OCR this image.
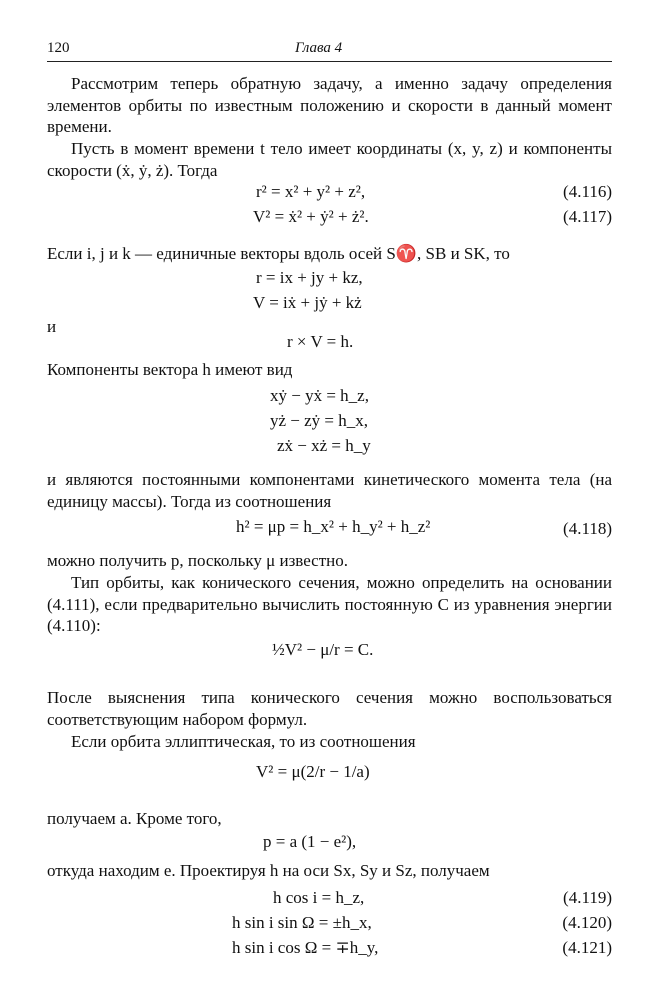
120	Глава 4
Рассмотрим теперь обратную задачу, а именно задачу определения элементов орбиты по известным положению и скорости в данный момент времени.
Пусть в момент времени t тело имеет координаты (x, y, z) и компоненты скорости (ẋ, ẏ, ż). Тогда
r² = x² + y² + z²,	(4.116)
V² = ẋ² + ẏ² + ż².	(4.117)
Если i, j и k — единичные векторы вдоль осей S♈, SB и SK, то
r = ix + jy + kz,
V = iẋ + jẏ + kż
и
r × V = h.
Компоненты вектора h имеют вид
xẏ − yẋ = h_z,
yż − zẏ = h_x,
zẋ − xż = h_y
и являются постоянными компонентами кинетического момента тела (на единицу массы). Тогда из соотношения
h² = μp = h_x² + h_y² + h_z²	(4.118)
можно получить p, поскольку μ известно.
Тип орбиты, как конического сечения, можно определить на основании (4.111), если предварительно вычислить постоянную C из уравнения энергии (4.110):
½V² − μ/r = C.
После выяснения типа конического сечения можно воспользоваться соответствующим набором формул.
Если орбита эллиптическая, то из соотношения
V² = μ(2/r − 1/a)
получаем a. Кроме того,
p = a (1 − e²),
откуда находим e. Проектируя h на оси Sx, Sy и Sz, получаем
h cos i = h_z,	(4.119)
h sin i sin Ω = ±h_x,	(4.120)
h sin i cos Ω = ∓h_y,	(4.121)
